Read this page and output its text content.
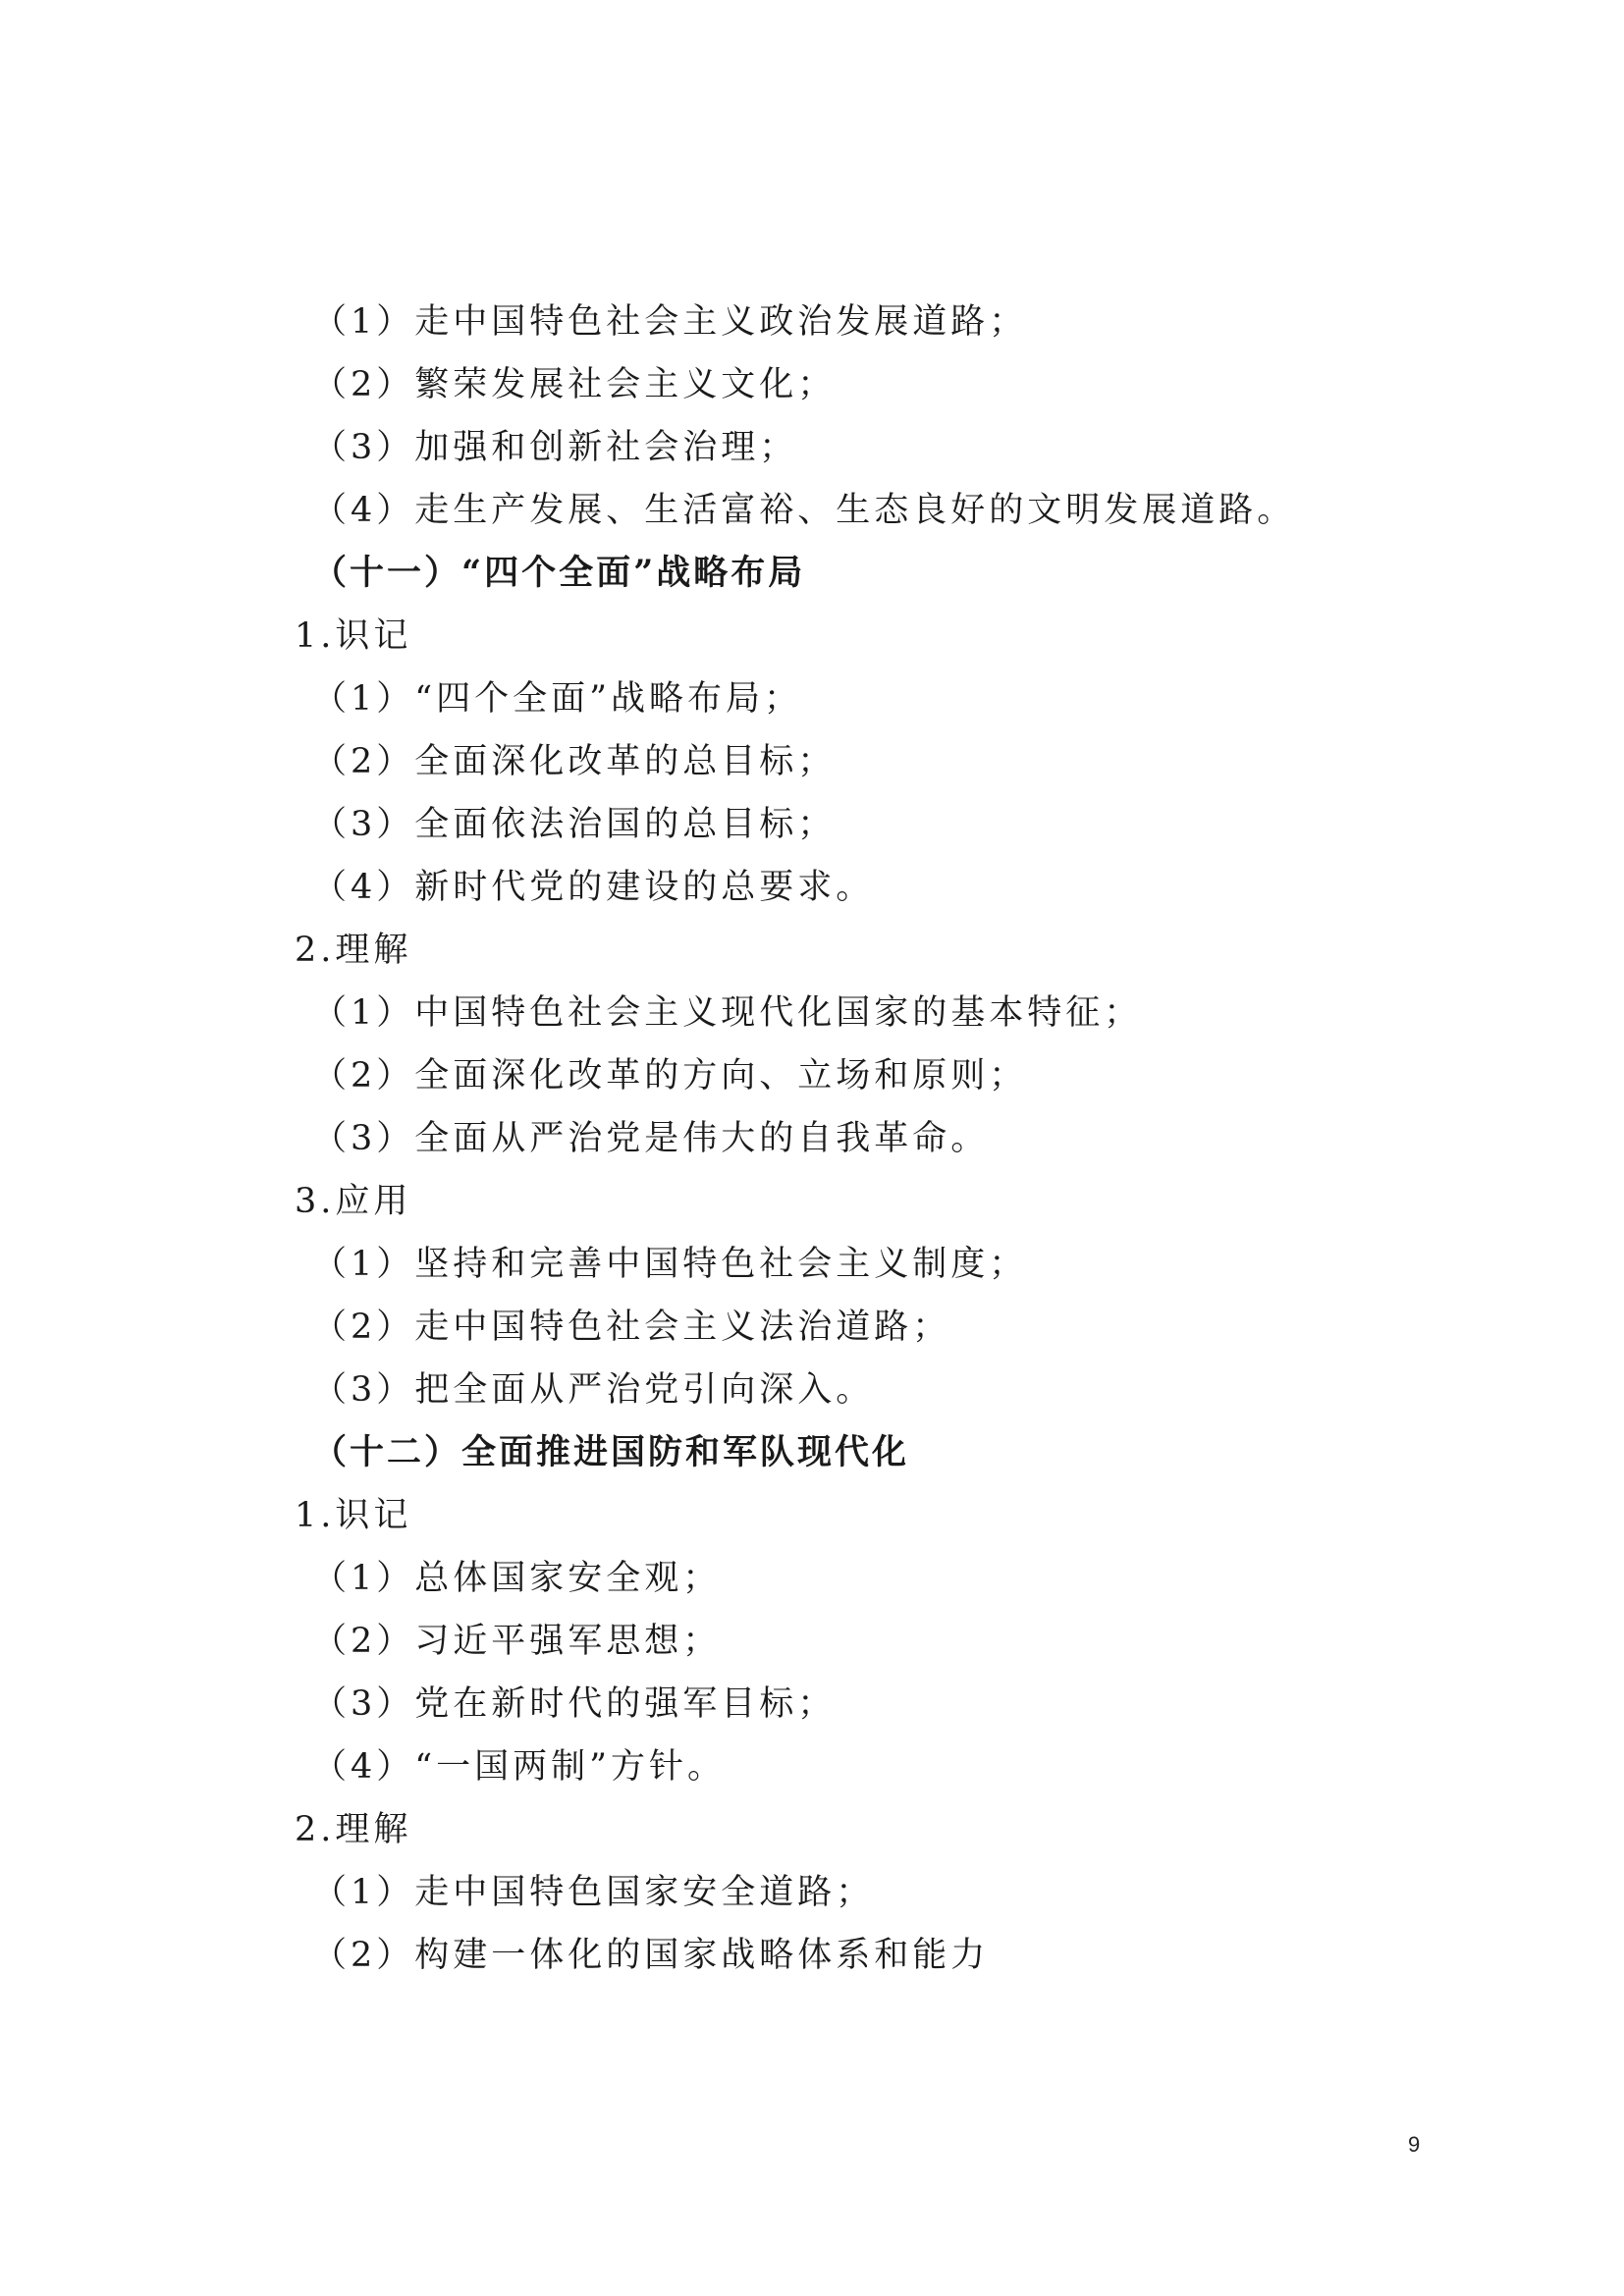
（1）走中国特色社会主义政治发展道路；
（2）繁荣发展社会主义文化；
（3）加强和创新社会治理；
（4）走生产发展、生活富裕、生态良好的文明发展道路。
（十一）“四个全面”战略布局
1.识记
（1）“四个全面”战略布局；
（2）全面深化改革的总目标；
（3）全面依法治国的总目标；
（4）新时代党的建设的总要求。
2.理解
（1）中国特色社会主义现代化国家的基本特征；
（2）全面深化改革的方向、立场和原则；
（3）全面从严治党是伟大的自我革命。
3.应用
（1）坚持和完善中国特色社会主义制度；
（2）走中国特色社会主义法治道路；
（3）把全面从严治党引向深入。
（十二）全面推进国防和军队现代化
1.识记
（1）总体国家安全观；
（2）习近平强军思想；
（3）党在新时代的强军目标；
（4）“一国两制”方针。
2.理解
（1）走中国特色国家安全道路；
（2）构建一体化的国家战略体系和能力
9
